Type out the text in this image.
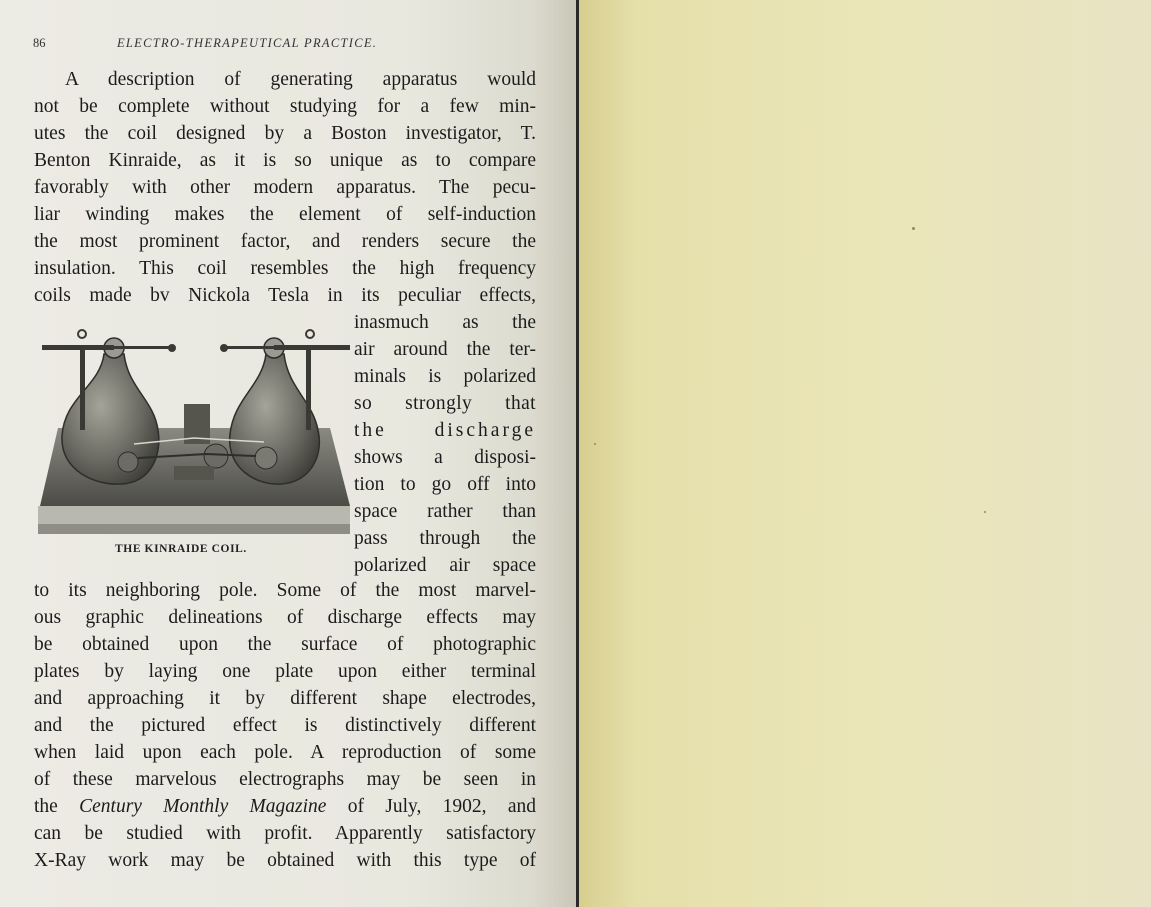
86	ELECTRO-THERAPEUTICAL PRACTICE.
A description of generating apparatus would
not be complete without studying for a few min-
utes the coil designed by a Boston investigator, T.
Benton Kinraide, as it is so unique as to compare
favorably with other modern apparatus. The pecu-
liar winding makes the element of self-induction
the most prominent factor, and renders secure the
insulation. This coil resembles the high frequency
coils made bv Nickola Tesla in its peculiar effects,
inasmuch as the
air around the ter-
minals is polarized
so strongly that
the discharge
shows a disposi-
tion to go off into
space rather than
pass through the
polarized air space
THE KINRAIDE COIL.
to its neighboring pole. Some of the most marvel-
ous graphic delineations of discharge effects may
be obtained upon the surface of photographic
plates by laying one plate upon either terminal
and approaching it by different shape electrodes,
and the pictured effect is distinctively different
when laid upon each pole. A reproduction of some
of these marvelous electrographs may be seen in
the Century Monthly Magazine of July, 1902, and
can be studied with profit. Apparently satisfactory
X-Ray work may be obtained with this type of
